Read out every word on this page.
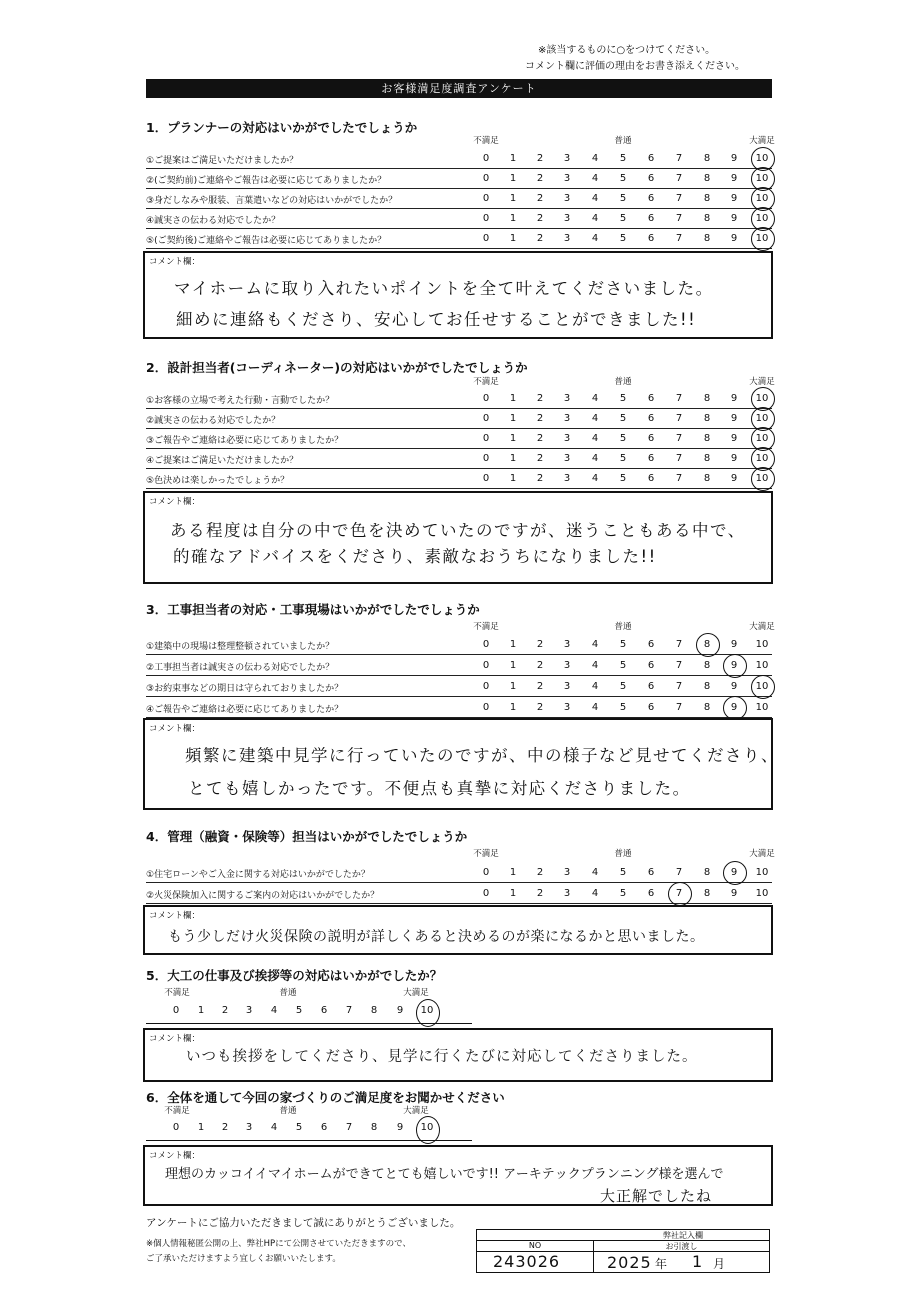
※該当するものに○をつけてください。
コメント欄に評価の理由をお書き添えください。
お客様満足度調査アンケート
1．プランナーの対応はいかがでしたでしょうか
不満足	普通	大満足
①ご提案はご満足いただけましたか？	0	1	2	3	4	5	6	7	8	9	10
②(ご契約前)ご連絡やご報告は必要に応じてありましたか？	0	1	2	3	4	5	6	7	8	9	10
③身だしなみや服装、言葉遣いなどの対応はいかがでしたか？	0	1	2	3	4	5	6	7	8	9	10
④誠実さの伝わる対応でしたか？	0	1	2	3	4	5	6	7	8	9	10
⑤(ご契約後)ご連絡やご報告は必要に応じてありましたか？	0	1	2	3	4	5	6	7	8	9	10
コメント欄：
マイホームに取り入れたいポイントを全て叶えてくださいました。
細めに連絡もくださり、安心してお任せすることができました!!
2．設計担当者(コーディネーター)の対応はいかがでしたでしょうか
不満足	普通	大満足
①お客様の立場で考えた行動・言動でしたか？	0	1	2	3	4	5	6	7	8	9	10
②誠実さの伝わる対応でしたか？	0	1	2	3	4	5	6	7	8	9	10
③ご報告やご連絡は必要に応じてありましたか？	0	1	2	3	4	5	6	7	8	9	10
④ご提案はご満足いただけましたか？	0	1	2	3	4	5	6	7	8	9	10
⑤色決めは楽しかったでしょうか？	0	1	2	3	4	5	6	7	8	9	10
コメント欄：
ある程度は自分の中で色を決めていたのですが、迷うこともある中で、
的確なアドバイスをくださり、素敵なおうちになりました!!
3．工事担当者の対応・工事現場はいかがでしたでしょうか
不満足	普通	大満足
①建築中の現場は整理整頓されていましたか？	0	1	2	3	4	5	6	7	8	9	10
②工事担当者は誠実さの伝わる対応でしたか？	0	1	2	3	4	5	6	7	8	9	10
③お約束事などの期日は守られておりましたか？	0	1	2	3	4	5	6	7	8	9	10
④ご報告やご連絡は必要に応じてありましたか？	0	1	2	3	4	5	6	7	8	9	10
コメント欄：
頻繁に建築中見学に行っていたのですが、中の様子など見せてくださり、
とても嬉しかったです。不便点も真摯に対応くださりました。
4．管理（融資・保険等）担当はいかがでしたでしょうか
不満足	普通	大満足
①住宅ローンやご入金に関する対応はいかがでしたか？	0	1	2	3	4	5	6	7	8	9	10
②火災保険加入に関するご案内の対応はいかがでしたか？	0	1	2	3	4	5	6	7	8	9	10
コメント欄：
もう少しだけ火災保険の説明が詳しくあると決めるのが楽になるかと思いました。
5．大工の仕事及び挨拶等の対応はいかがでしたか？
不満足	普通	大満足
0	1	2	3	4	5	6	7	8	9	10
コメント欄：
いつも挨拶をしてくださり、見学に行くたびに対応してくださりました。
6．全体を通して今回の家づくりのご満足度をお聞かせください
不満足	普通	大満足
0	1	2	3	4	5	6	7	8	9	10
コメント欄：
理想のカッコイイマイホームができてとても嬉しいです!! アーキテックプランニング様を選んで
大正解でしたね
アンケートにご協力いただきまして誠にありがとうございました。
※個人情報秘匿公開の上、弊社HPにて公開させていただきますので、
ご了承いただけますよう宜しくお願いいたします。
弊社記入欄
NO	お引渡し
243026	2025 年 1 月
